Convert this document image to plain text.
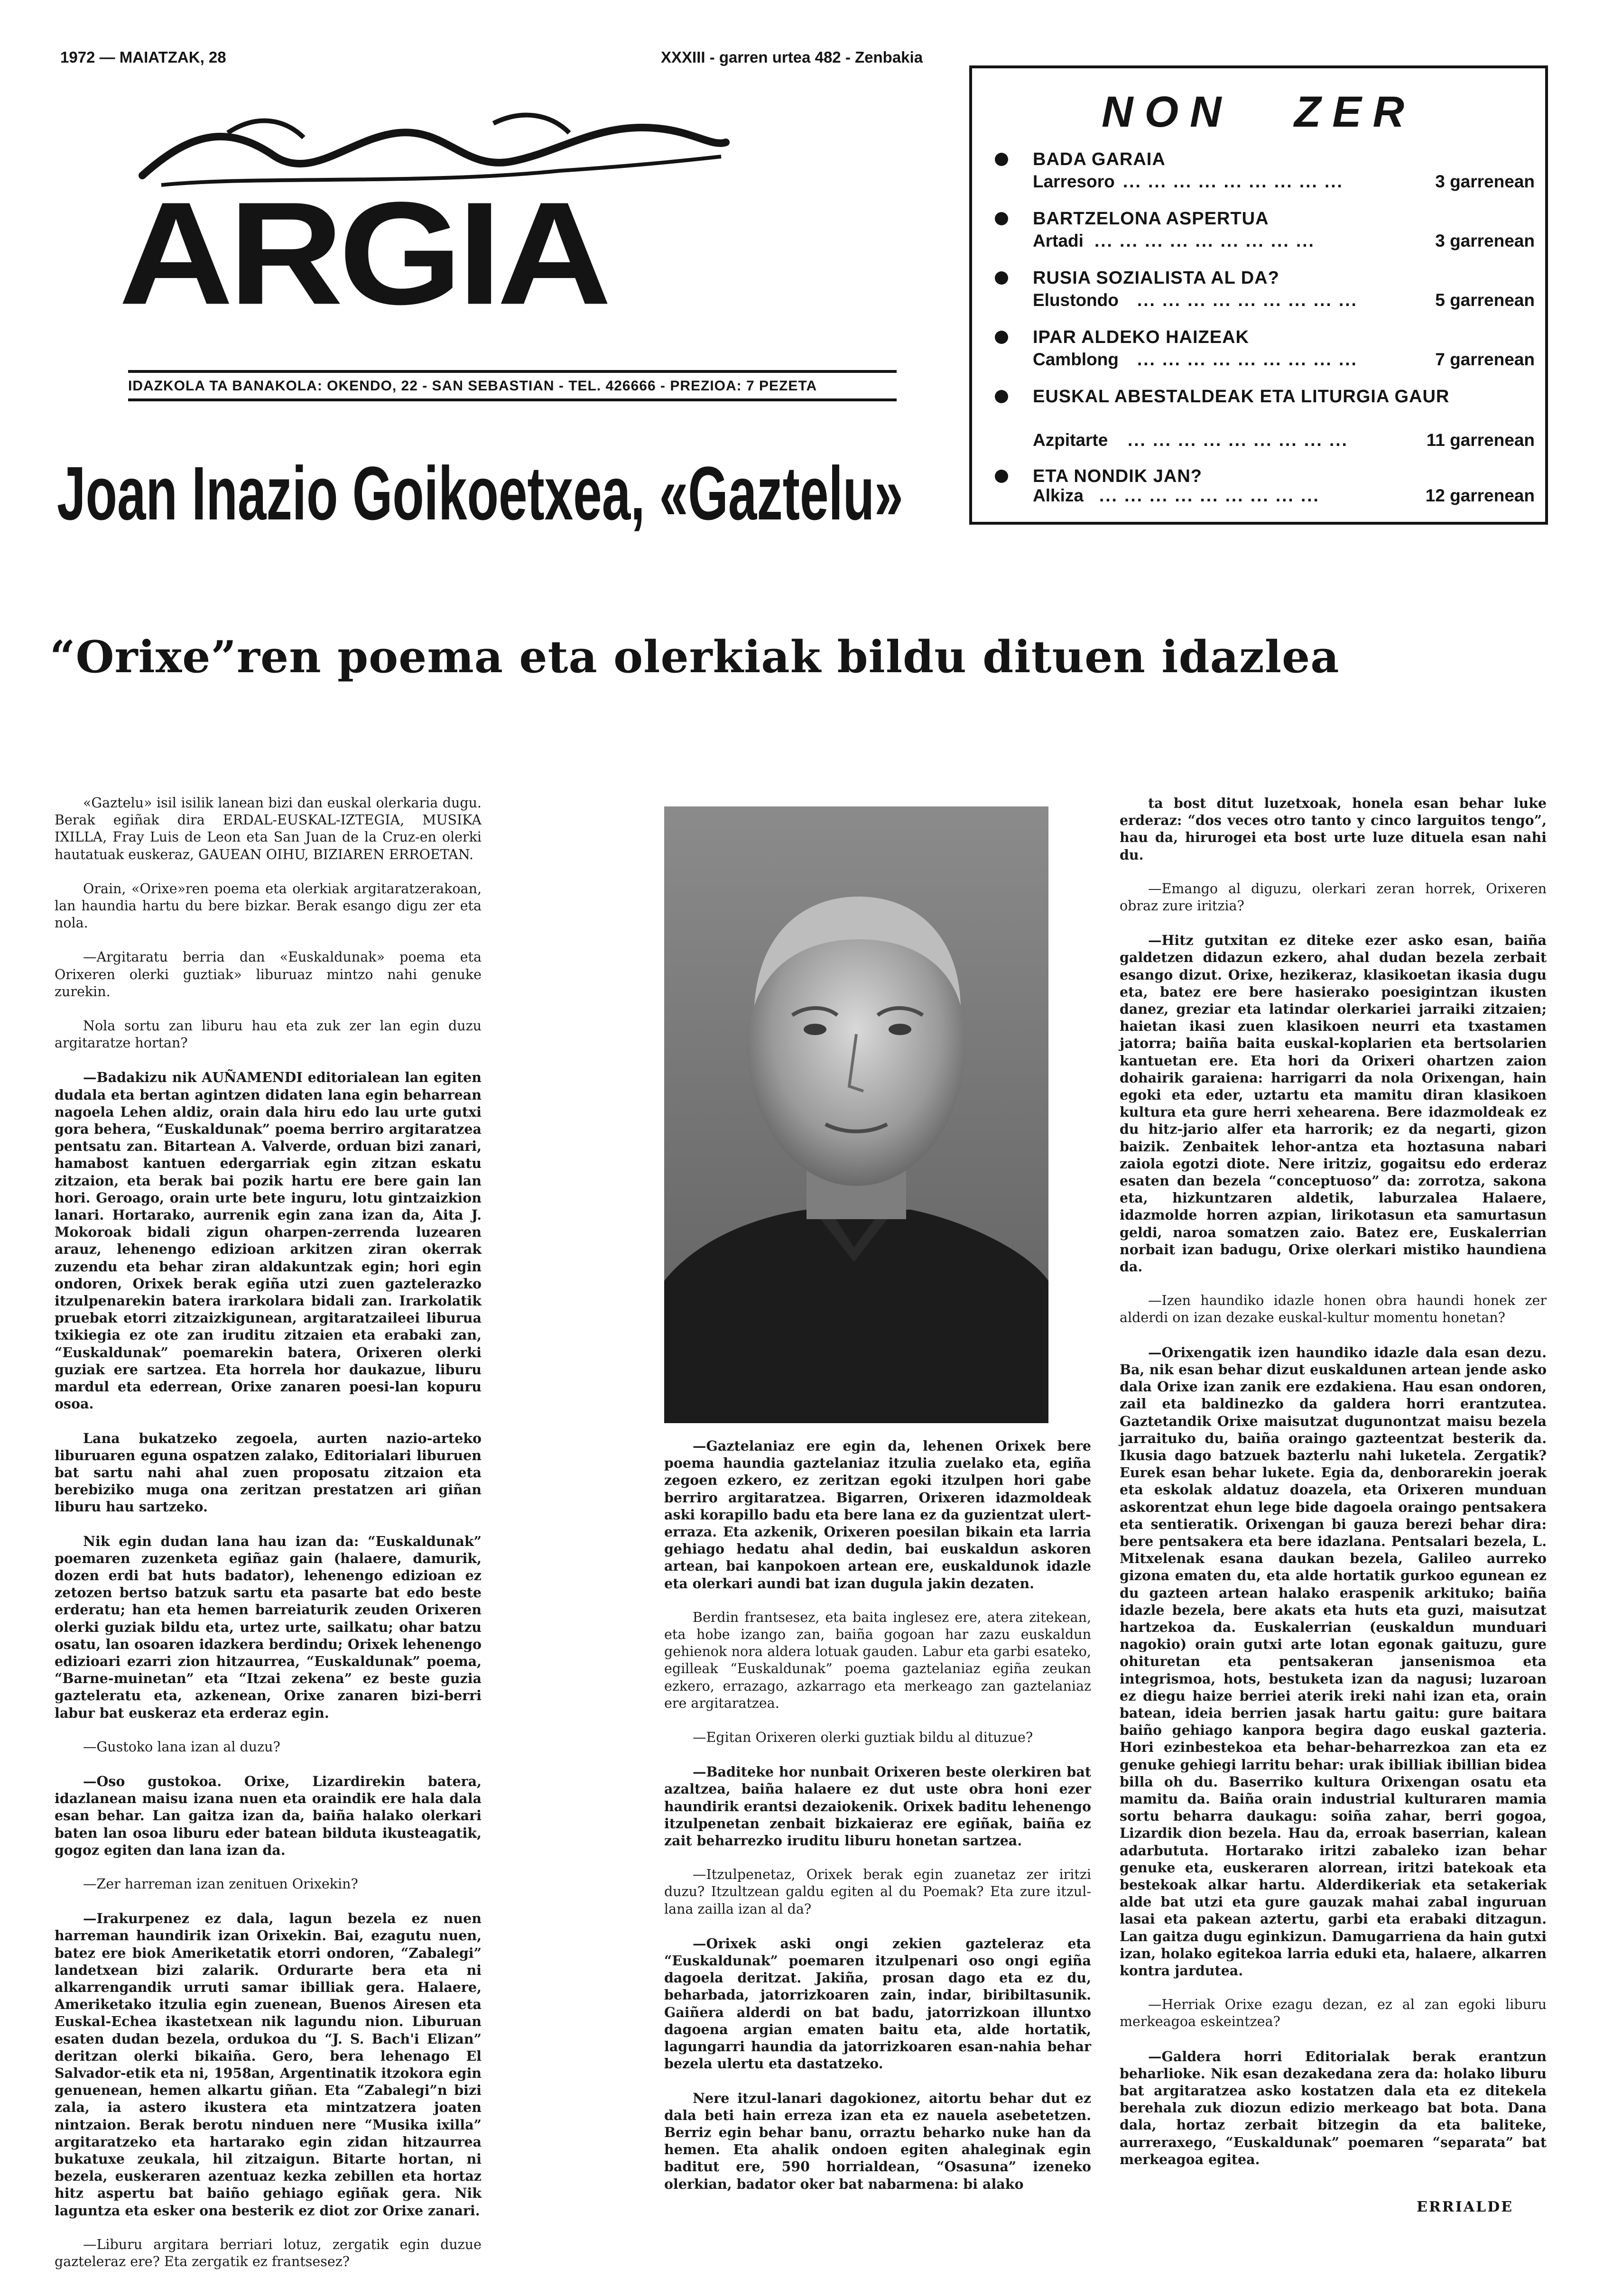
1972 — MAIATZAK, 28	XXXIII - garren urtea 482 - Zenbakia
ARGIA
IDAZKOLA TA BANAKOLA: OKENDO, 22 - SAN SEBASTIAN - TEL. 426666 - PREZIOA: 7 PEZETA
NON ZER
BADA GARAIA
Larresoro ... ... ... ... ... ... ... ... ...	3 garrenean
BARTZELONA ASPERTUA
Artadi ... ... ... ... ... ... ... ... ...	3 garrenean
RUSIA SOZIALISTA AL DA?
Elustondo ... ... ... ... ... ... ... ... ...	5 garrenean
IPAR ALDEKO HAIZEAK
Camblong ... ... ... ... ... ... ... ... ...	7 garrenean
EUSKAL ABESTALDEAK ETA LITURGIA GAUR
Azpitarte ... ... ... ... ... ... ... ... ...	11 garrenean
ETA NONDIK JAN?
Alkiza ... ... ... ... ... ... ... ... ...	12 garrenean
Joan Inazio Goikoetxea, «Gaztelu»
“Orixe”ren poema eta olerkiak bildu dituen idazlea

«Gaztelu» isil isilik lanean bizi dan euskal olerkaria dugu. Berak egiñak dira ERDAL-EUSKAL-IZTEGIA, MUSIKA IXILLA, Fray Luis de Leon eta San Juan de la Cruz-en olerki hautatuak euskeraz, GAUEAN OIHU, BIZIAREN ERROETAN.

Orain, «Orixe»ren poema eta olerkiak argitaratzerakoan, lan haundia hartu du bere bizkar. Berak esango digu zer eta nola.

—Argitaratu berria dan «Euskaldunak» poema eta Orixeren olerki guztiak» liburuaz mintzo nahi genuke zurekin.

Nola sortu zan liburu hau eta zuk zer lan egin duzu argitaratze hortan?

—Badakizu nik AUÑAMENDI editorialean lan egiten dudala eta bertan agintzen didaten lana egin beharrean nagoela Lehen aldiz, orain dala hiru edo lau urte gutxi gora behera, “Euskaldunak” poema berriro argitaratzea pentsatu zan. Bitartean A. Valverde, orduan bizi zanari, hamabost kantuen edergarriak egin zitzan eskatu zitzaion, eta berak bai pozik hartu ere bere gain lan hori. Geroago, orain urte bete inguru, lotu gintzaizkion lanari. Hortarako, aurrenik egin zana izan da, Aita J. Mokoroak bidali zigun oharpen-zerrenda luzearen arauz, lehenengo edizioan arkitzen ziran okerrak zuzendu eta behar ziran aldakuntzak egin; hori egin ondoren, Orixek berak egiña utzi zuen gaztelerazko itzulpenarekin batera irarkolara bidali zan. Irarkolatik pruebak etorri zitzaizkigunean, argitaratzaileei liburua txikiegia ez ote zan iruditu zitzaien eta erabaki zan, “Euskaldunak” poemarekin batera, Orixeren olerki guziak ere sartzea. Eta horrela hor daukazue, liburu mardul eta ederrean, Orixe zanaren poesi-lan kopuru osoa.

Lana bukatzeko zegoela, aurten nazio-arteko liburuaren eguna ospatzen zalako, Editorialari liburuen bat sartu nahi ahal zuen proposatu zitzaion eta berebiziko muga ona zeritzan prestatzen ari giñan liburu hau sartzeko.

Nik egin dudan lana hau izan da: “Euskaldunak” poemaren zuzenketa egiñaz gain (halaere, damurik, dozen erdi bat huts badator), lehenengo edizioan ez zetozen bertso batzuk sartu eta pasarte bat edo beste erderatu; han eta hemen barreiaturik zeuden Orixeren olerki guziak bildu eta, urtez urte, sailkatu; ohar batzu osatu, lan osoaren idazkera berdindu; Orixek lehenengo edizioari ezarri zion hitzaurrea, “Euskaldunak” poema, “Barne-muinetan” eta “Itzai zekena” ez beste guzia gazteleratu eta, azkenean, Orixe zanaren bizi-berri labur bat euskeraz eta erderaz egin.

—Gustoko lana izan al duzu?

—Oso gustokoa. Orixe, Lizardirekin batera, idazlanean maisu izana nuen eta oraindik ere hala dala esan behar. Lan gaitza izan da, baiña halako olerkari baten lan osoa liburu eder batean bilduta ikusteagatik, gogoz egiten dan lana izan da.

—Zer harreman izan zenituen Orixekin?

—Irakurpenez ez dala, lagun bezela ez nuen harreman haundirik izan Orixekin. Bai, ezagutu nuen, batez ere biok Ameriketatik etorri ondoren, “Zabalegi” landetxean bizi zalarik. Ordurarte bera eta ni alkarrengandik urruti samar ibilliak gera. Halaere, Ameriketako itzulia egin zuenean, Buenos Airesen eta Euskal-Echea ikastetxean nik lagundu nion. Liburuan esaten dudan bezela, ordukoa du “J. S. Bach'i Elizan” deritzan olerki bikaiña. Gero, bera lehenago El Salvador-etik eta ni, 1958an, Argentinatik itzokora egin genuenean, hemen alkartu giñan. Eta “Zabalegi”n bizi zala, ia astero ikustera eta mintzatzera joaten nintzaion. Berak berotu ninduen nere “Musika ixilla” argitaratzeko eta hartarako egin zidan hitzaurrea bukatuxe zeukala, hil zitzaigun. Bitarte hortan, ni bezela, euskeraren azentuaz kezka zebillen eta hortaz hitz aspertu bat baiño gehiago egiñak gera. Nik laguntza eta esker ona besterik ez diot zor Orixe zanari.

—Liburu argitara berriari lotuz, zergatik egin duzue gazteleraz ere? Eta zergatik ez frantsesez?

—Gaztelaniaz ere egin da, lehenen Orixek bere poema haundia gaztelaniaz itzulia zuelako eta, egiña zegoen ezkero, ez zeritzan egoki itzulpen hori gabe berriro argitaratzea. Bigarren, Orixeren idazmoldeak aski korapillo badu eta bere lana ez da guzientzat ulert-erraza. Eta azkenik, Orixeren poesilan bikain eta larria gehiago hedatu ahal dedin, bai euskaldun askoren artean, bai kanpokoen artean ere, euskaldunok idazle eta olerkari aundi bat izan dugula jakin dezaten.

Berdin frantsesez, eta baita inglesez ere, atera zitekean, eta hobe izango zan, baiña gogoan har zazu euskaldun gehienok nora aldera lotuak gauden. Labur eta garbi esateko, egilleak “Euskaldunak” poema gaztelaniaz egiña zeukan ezkero, errazago, azkarrago eta merkeago zan gaztelaniaz ere argitaratzea.

—Egitan Orixeren olerki guztiak bildu al dituzue?

—Baditeke hor nunbait Orixeren beste olerkiren bat azaltzea, baiña halaere ez dut uste obra honi ezer haundirik erantsi dezaiokenik. Orixek baditu lehenengo itzulpenetan zenbait bizkaieraz ere egiñak, baiña ez zait beharrezko iruditu liburu honetan sartzea.

—Itzulpenetaz, Orixek berak egin zuanetaz zer iritzi duzu? Itzultzean galdu egiten al du Poemak? Eta zure itzul-lana zailla izan al da?

—Orixek aski ongi zekien gazteleraz eta “Euskaldunak” poemaren itzulpenari oso ongi egiña dagoela deritzat. Jakiña, prosan dago eta ez du, beharbada, jatorrizkoaren zain, indar, biribiltasunik. Gaiñera alderdi on bat badu, jatorrizkoan illuntxo dagoena argian ematen baitu eta, alde hortatik, lagungarri haundia da jatorrizkoaren esan-nahia behar bezela ulertu eta dastatzeko.

Nere itzul-lanari dagokionez, aitortu behar dut ez dala beti hain erreza izan eta ez nauela asebetetzen. Berriz egin behar banu, orraztu beharko nuke han da hemen. Eta ahalik ondoen egiten ahaleginak egin baditut ere, 590 horrialdean, “Osasuna” izeneko olerkian, badator oker bat nabarmena: bi alako

ta bost ditut luzetxoak, honela esan behar luke erderaz: “dos veces otro tanto y cinco larguitos tengo”, hau da, hirurogei eta bost urte luze dituela esan nahi du.

—Emango al diguzu, olerkari zeran horrek, Orixeren obraz zure iritzia?

—Hitz gutxitan ez diteke ezer asko esan, baiña galdetzen didazun ezkero, ahal dudan bezela zerbait esango dizut. Orixe, hezikeraz, klasikoetan ikasia dugu eta, batez ere bere hasierako poesigintzan ikusten danez, greziar eta latindar olerkariei jarraiki zitzaien; haietan ikasi zuen klasikoen neurri eta txastamen jatorra; baiña baita euskal-koplarien eta bertsolarien kantuetan ere. Eta hori da Orixeri ohartzen zaion dohairik garaiena: harrigarri da nola Orixengan, hain egoki eta eder, uztartu eta mamitu diran klasikoen kultura eta gure herri xehearena. Bere idazmoldeak ez du hitz-jario alfer eta harrorik; ez da negarti, gizon baizik. Zenbaitek lehor-antza eta hoztasuna nabari zaiola egotzi diote. Nere iritziz, gogaitsu edo erderaz esaten dan bezela “conceptuoso” da: zorrotza, sakona eta, hizkuntzaren aldetik, laburzalea Halaere, idazmolde horren azpian, lirikotasun eta samurtasun geldi, naroa somatzen zaio. Batez ere, Euskalerrian norbait izan badugu, Orixe olerkari mistiko haundiena da.

—Izen haundiko idazle honen obra haundi honek zer alderdi on izan dezake euskal-kultur momentu honetan?

—Orixengatik izen haundiko idazle dala esan dezu. Ba, nik esan behar dizut euskaldunen artean jende asko dala Orixe izan zanik ere ezdakiena. Hau esan ondoren, zail eta baldinezko da galdera horri erantzutea. Gaztetandik Orixe maisutzat dugunontzat maisu bezela jarraituko du, baiña oraingo gazteentzat besterik da. Ikusia dago batzuek bazterlu nahi luketela. Zergatik? Eurek esan behar lukete. Egia da, denborarekin joerak eta eskolak aldatuz doazela, eta Orixeren munduan askorentzat ehun lege bide dagoela oraingo pentsakera eta sentieratik. Orixengan bi gauza berezi behar dira: bere pentsakera eta bere idazlana. Pentsalari bezela, L. Mitxelenak esana daukan bezela, Galileo aurreko gizona ematen du, eta alde hortatik gurkoo egunean ez du gazteen artean halako eraspenik arkituko; baiña idazle bezela, bere akats eta huts eta guzi, maisutzat hartzekoa da. Euskalerrian (euskaldun munduari nagokio) orain gutxi arte lotan egonak gaituzu, gure ohituretan eta pentsakeran jansenismoa eta integrismoa, hots, bestuketa izan da nagusi; luzaroan ez diegu haize berriei aterik ireki nahi izan eta, orain batean, ideia berrien jasak hartu gaitu: gure baitara baiño gehiago kanpora begira dago euskal gazteria. Hori ezinbestekoa eta behar-beharrezkoa zan eta ez genuke gehiegi larritu behar: urak ibilliak ibillian bidea billa oh du. Baserriko kultura Orixengan osatu eta mamitu da. Baiña orain industrial kulturaren mamia sortu beharra daukagu: soiña zahar, berri gogoa, Lizardik dion bezela. Hau da, erroak baserrian, kalean adarbututa. Hortarako iritzi zabaleko izan behar genuke eta, euskeraren alorrean, iritzi batekoak eta bestekoak alkar hartu. Alderdikeriak eta setakeriak alde bat utzi eta gure gauzak mahai zabal inguruan lasai eta pakean aztertu, garbi eta erabaki ditzagun. Lan gaitza dugu eginkizun. Damugarriena da hain gutxi izan, holako egitekoa larria eduki eta, halaere, alkarren kontra jardutea.

—Herriak Orixe ezagu dezan, ez al zan egoki liburu merkeagoa eskeintzea?

—Galdera horri Editorialak berak erantzun beharlioke. Nik esan dezakedana zera da: holako liburu bat argitaratzea asko kostatzen dala eta ez ditekela berehala zuk diozun edizio merkeago bat bota. Dana dala, hortaz zerbait bitzegin da eta baliteke, aurreraxego, “Euskaldunak” poemaren “separata” bat merkeagoa egitea.

ERRIALDE
